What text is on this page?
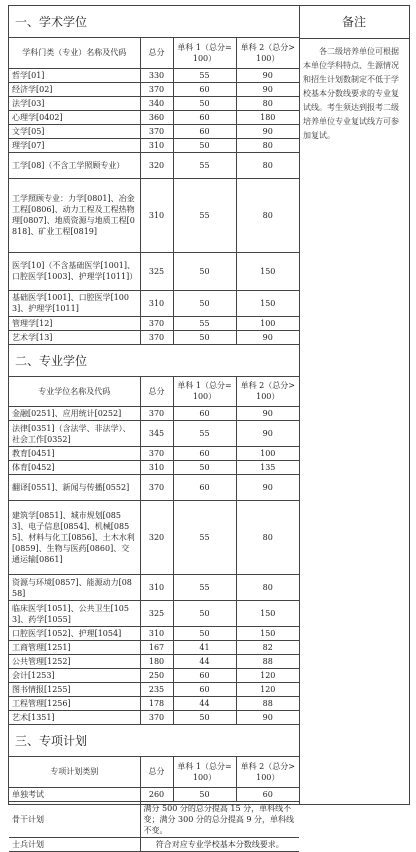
一、学术学位
学科门类（专业）名称及代码	总分	单科 1（总分=100）	单科 2（总分>100）
哲学[01]	330	55	90
经济学[02]	370	60	90
法学[03]	340	50	80
心理学[0402]	360	60	180
文学[05]	370	60	90
理学[07]	310	50	80
工学[08]（不含工学照顾专业）	320	55	80
工学照顾专业：力学[0801]、冶金工程[0806]、动力工程及工程热物理[0807]、地质资源与地质工程[0818]、矿业工程[0819]	310	55	80
医学[10]（不含基础医学[1001]、口腔医学[1003]、护理学[1011]）	325	50	150
基础医学[1001]、口腔医学[1003]、护理学[1011]	310	50	150
管理学[12]	370	55	100
艺术学[13]	370	50	90
二、专业学位
专业学位名称及代码	总分	单科 1（总分=100）	单科 2（总分>100）
金融[0251]、应用统计[0252]	370	60	90
法律[0351]（含法学、非法学）、社会工作[0352]	345	55	90
教育[0451]	370	60	100
体育[0452]	310	50	135
翻译[0551]、新闻与传播[0552]	370	60	90
建筑学[0851]、城市规划[0853]、电子信息[0854]、机械[0855]、材料与化工[0856]、土木水利[0859]、生物与医药[0860]、交通运输[0861]	320	55	80
资源与环境[0857]、能源动力[0858]	310	55	80
临床医学[1051]、公共卫生[1053]、药学[1055]	325	50	150
口腔医学[1052]、护理[1054]	310	50	150
工商管理[1251]	167	41	82
公共管理[1252]	180	44	88
会计[1253]	250	60	120
图书情报[1255]	235	60	120
工程管理[1256]	178	44	88
艺术[1351]	370	50	90
三、专项计划
专项计划类别	总分	单科 1（总分=100）	单科 2（总分>100）
单独考试	260	50	60
骨干计划	满分 500 分的总分提高 15 分，单科线不变；满分 300 分的总分提高 9 分，单科线不变。		
士兵计划	符合对应专业学校基本分数线要求。		
备注
各二级培养单位可根据本单位学科特点、生源情况和招生计划数制定不低于学校基本分数线要求的专业复试线。考生须达到报考二级培养单位专业复试线方可参加复试。
